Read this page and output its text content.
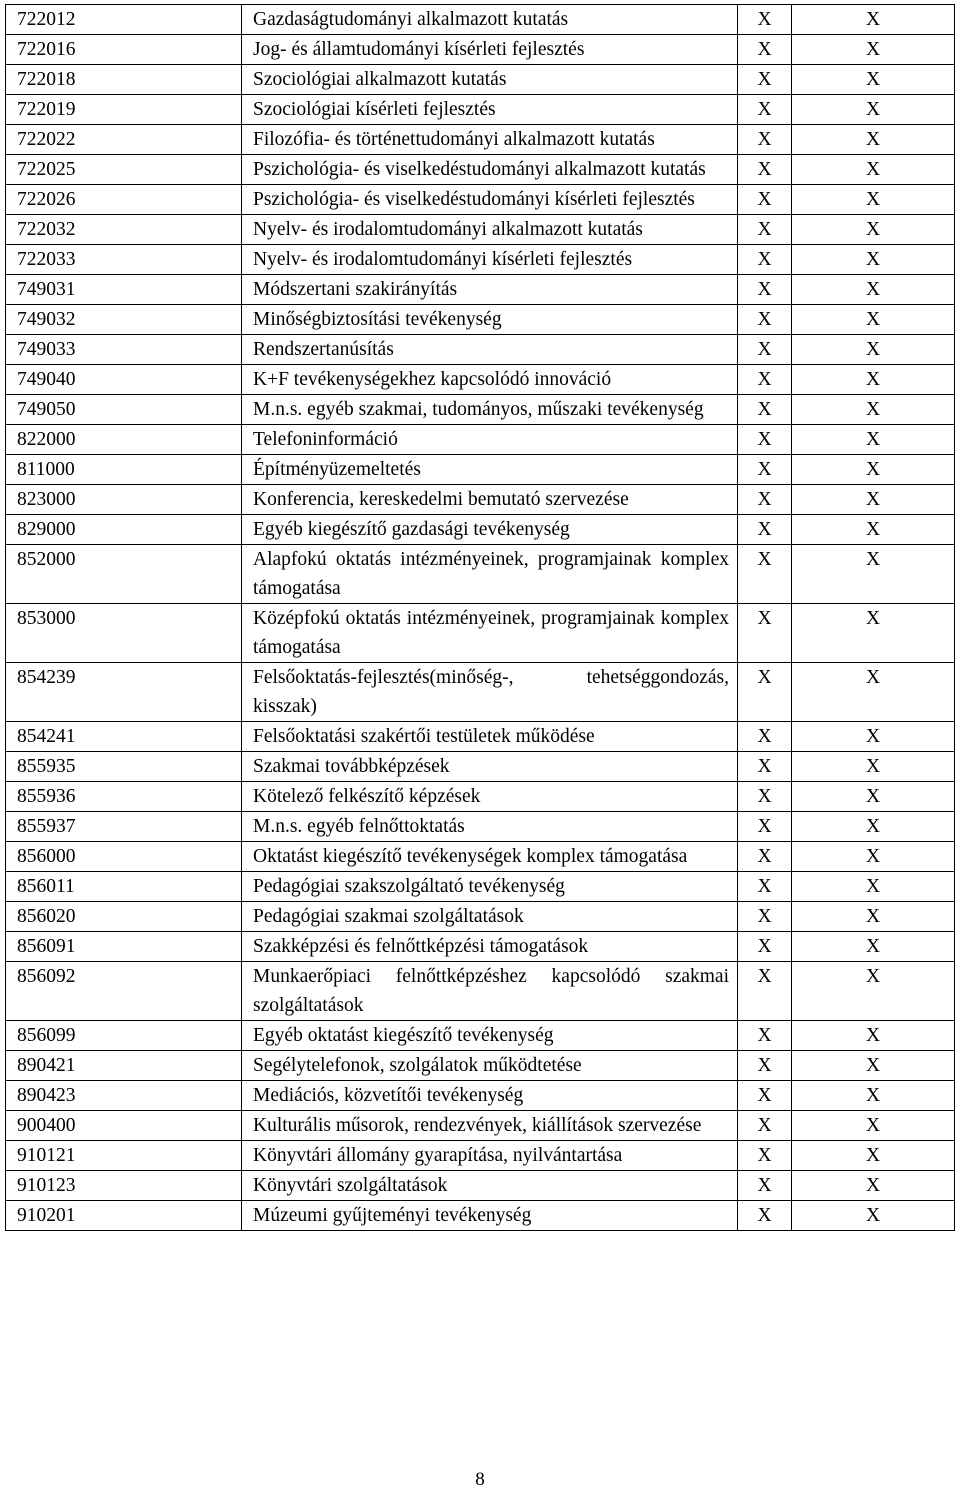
722012	Gazdaságtudományi alkalmazott kutatás	X	X
722016	Jog- és államtudományi kísérleti fejlesztés	X	X
722018	Szociológiai alkalmazott kutatás	X	X
722019	Szociológiai kísérleti fejlesztés	X	X
722022	Filozófia- és történettudományi alkalmazott kutatás	X	X
722025	Pszichológia- és viselkedéstudományi alkalmazott kutatás	X	X
722026	Pszichológia- és viselkedéstudományi kísérleti fejlesztés	X	X
722032	Nyelv- és irodalomtudományi alkalmazott kutatás	X	X
722033	Nyelv- és irodalomtudományi kísérleti fejlesztés	X	X
749031	Módszertani szakirányítás	X	X
749032	Minőségbiztosítási tevékenység	X	X
749033	Rendszertanúsítás	X	X
749040	K+F tevékenységekhez kapcsolódó innováció	X	X
749050	M.n.s. egyéb szakmai, tudományos, műszaki tevékenység	X	X
822000	Telefoninformáció	X	X
811000	Építményüzemeltetés	X	X
823000	Konferencia, kereskedelmi bemutató szervezése	X	X
829000	Egyéb kiegészítő gazdasági tevékenység	X	X
852000	Alapfokú oktatás intézményeinek, programjainak komplex támogatása	X	X
853000	Középfokú oktatás intézményeinek, programjainak komplex támogatása	X	X
854239	Felsőoktatás-fejlesztés(minőség-, tehetséggondozás, kisszak)	X	X
854241	Felsőoktatási szakértői testületek működése	X	X
855935	Szakmai továbbképzések	X	X
855936	Kötelező felkészítő képzések	X	X
855937	M.n.s. egyéb felnőttoktatás	X	X
856000	Oktatást kiegészítő tevékenységek komplex támogatása	X	X
856011	Pedagógiai szakszolgáltató tevékenység	X	X
856020	Pedagógiai szakmai szolgáltatások	X	X
856091	Szakképzési és felnőttképzési támogatások	X	X
856092	Munkaerőpiaci felnőttképzéshez kapcsolódó szakmai szolgáltatások	X	X
856099	Egyéb oktatást kiegészítő tevékenység	X	X
890421	Segélytelefonok, szolgálatok működtetése	X	X
890423	Mediációs, közvetítői tevékenység	X	X
900400	Kulturális műsorok, rendezvények, kiállítások szervezése	X	X
910121	Könyvtári állomány gyarapítása, nyilvántartása	X	X
910123	Könyvtári szolgáltatások	X	X
910201	Múzeumi gyűjteményi tevékenység	X	X
8
